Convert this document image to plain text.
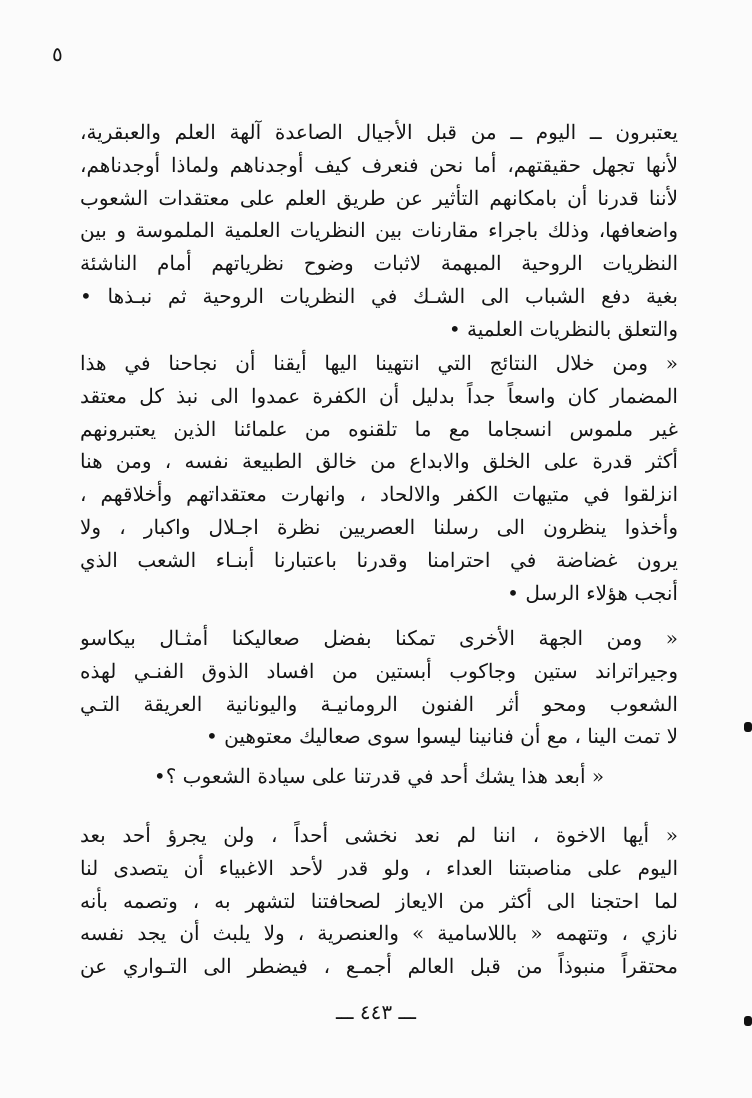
٥
يعتبرون ــ اليوم ــ من قبل الأجيال الصاعدة آلهة العلم والعبقرية،
لأنها تجهل حقيقتهم، أما نحن فنعرف كيف أوجدناهم ولماذا أوجدناهم،
لأننا قدرنا أن بامكانهم التأثير عن طريق العلم على معتقدات الشعوب
واضعافها، وذلك باجراء مقارنات بين النظريات العلمية الملموسة و بين
النظريات الروحية المبهمة لاثبات وضوح نظرياتهم أمام الناشئة
بغية دفع الشباب الى الشـك في النظريات الروحية ثم نبـذها •
والتعلق بالنظريات العلمية •
« ومن خلال النتائج التي انتهينا اليها أيقنا أن نجاحنا في هذا
المضمار كان واسعاً جداً بدليل أن الكفرة عمدوا الى نبذ كل معتقد
غير ملموس انسجاما مع ما تلقنوه من علمائنا الذين يعتبرونهم
أكثر قدرة على الخلق والابداع من خالق الطبيعة نفسه ، ومن هنا
انزلقوا في متيهات الكفر والالحاد ، وانهارت معتقداتهم وأخلاقهم ،
وأخذوا ينظرون الى رسلنا العصريين نظرة اجـلال واكبار ، ولا
يرون غضاضة في احترامنا وقدرنا باعتبارنا أبنـاء الشعب الذي
أنجب هؤلاء الرسل •
« ومن الجهة الأخرى تمكنا بفضل صعاليكنا أمثـال بيكاسو
وجيراتراند ستين وجاكوب أبستين من افساد الذوق الفنـي لهذه
الشعوب ومحو أثر الفنون الرومانيـة واليونانية العريقة التـي
لا تمت الينا ، مع أن فنانينا ليسوا سوى صعاليك معتوهين •
« أبعد هذا يشك أحد في قدرتنا على سيادة الشعوب ؟•
« أيها الاخوة ، اننا لم نعد نخشى أحداً ، ولن يجرؤ أحد بعد
اليوم على مناصبتنا العداء ، ولو قدر لأحد الاغبياء أن يتصدى لنا
لما احتجنا الى أكثر من الايعاز لصحافتنا لتشهر به ، وتصمه بأنه
نازي ، وتتهمه « باللاسامية » والعنصرية ، ولا يلبث أن يجد نفسه
محتقراً منبوذاً من قبل العالم أجمـع ، فيضطر الى التـواري عن
ـــ ٤٤٣ ـــ
